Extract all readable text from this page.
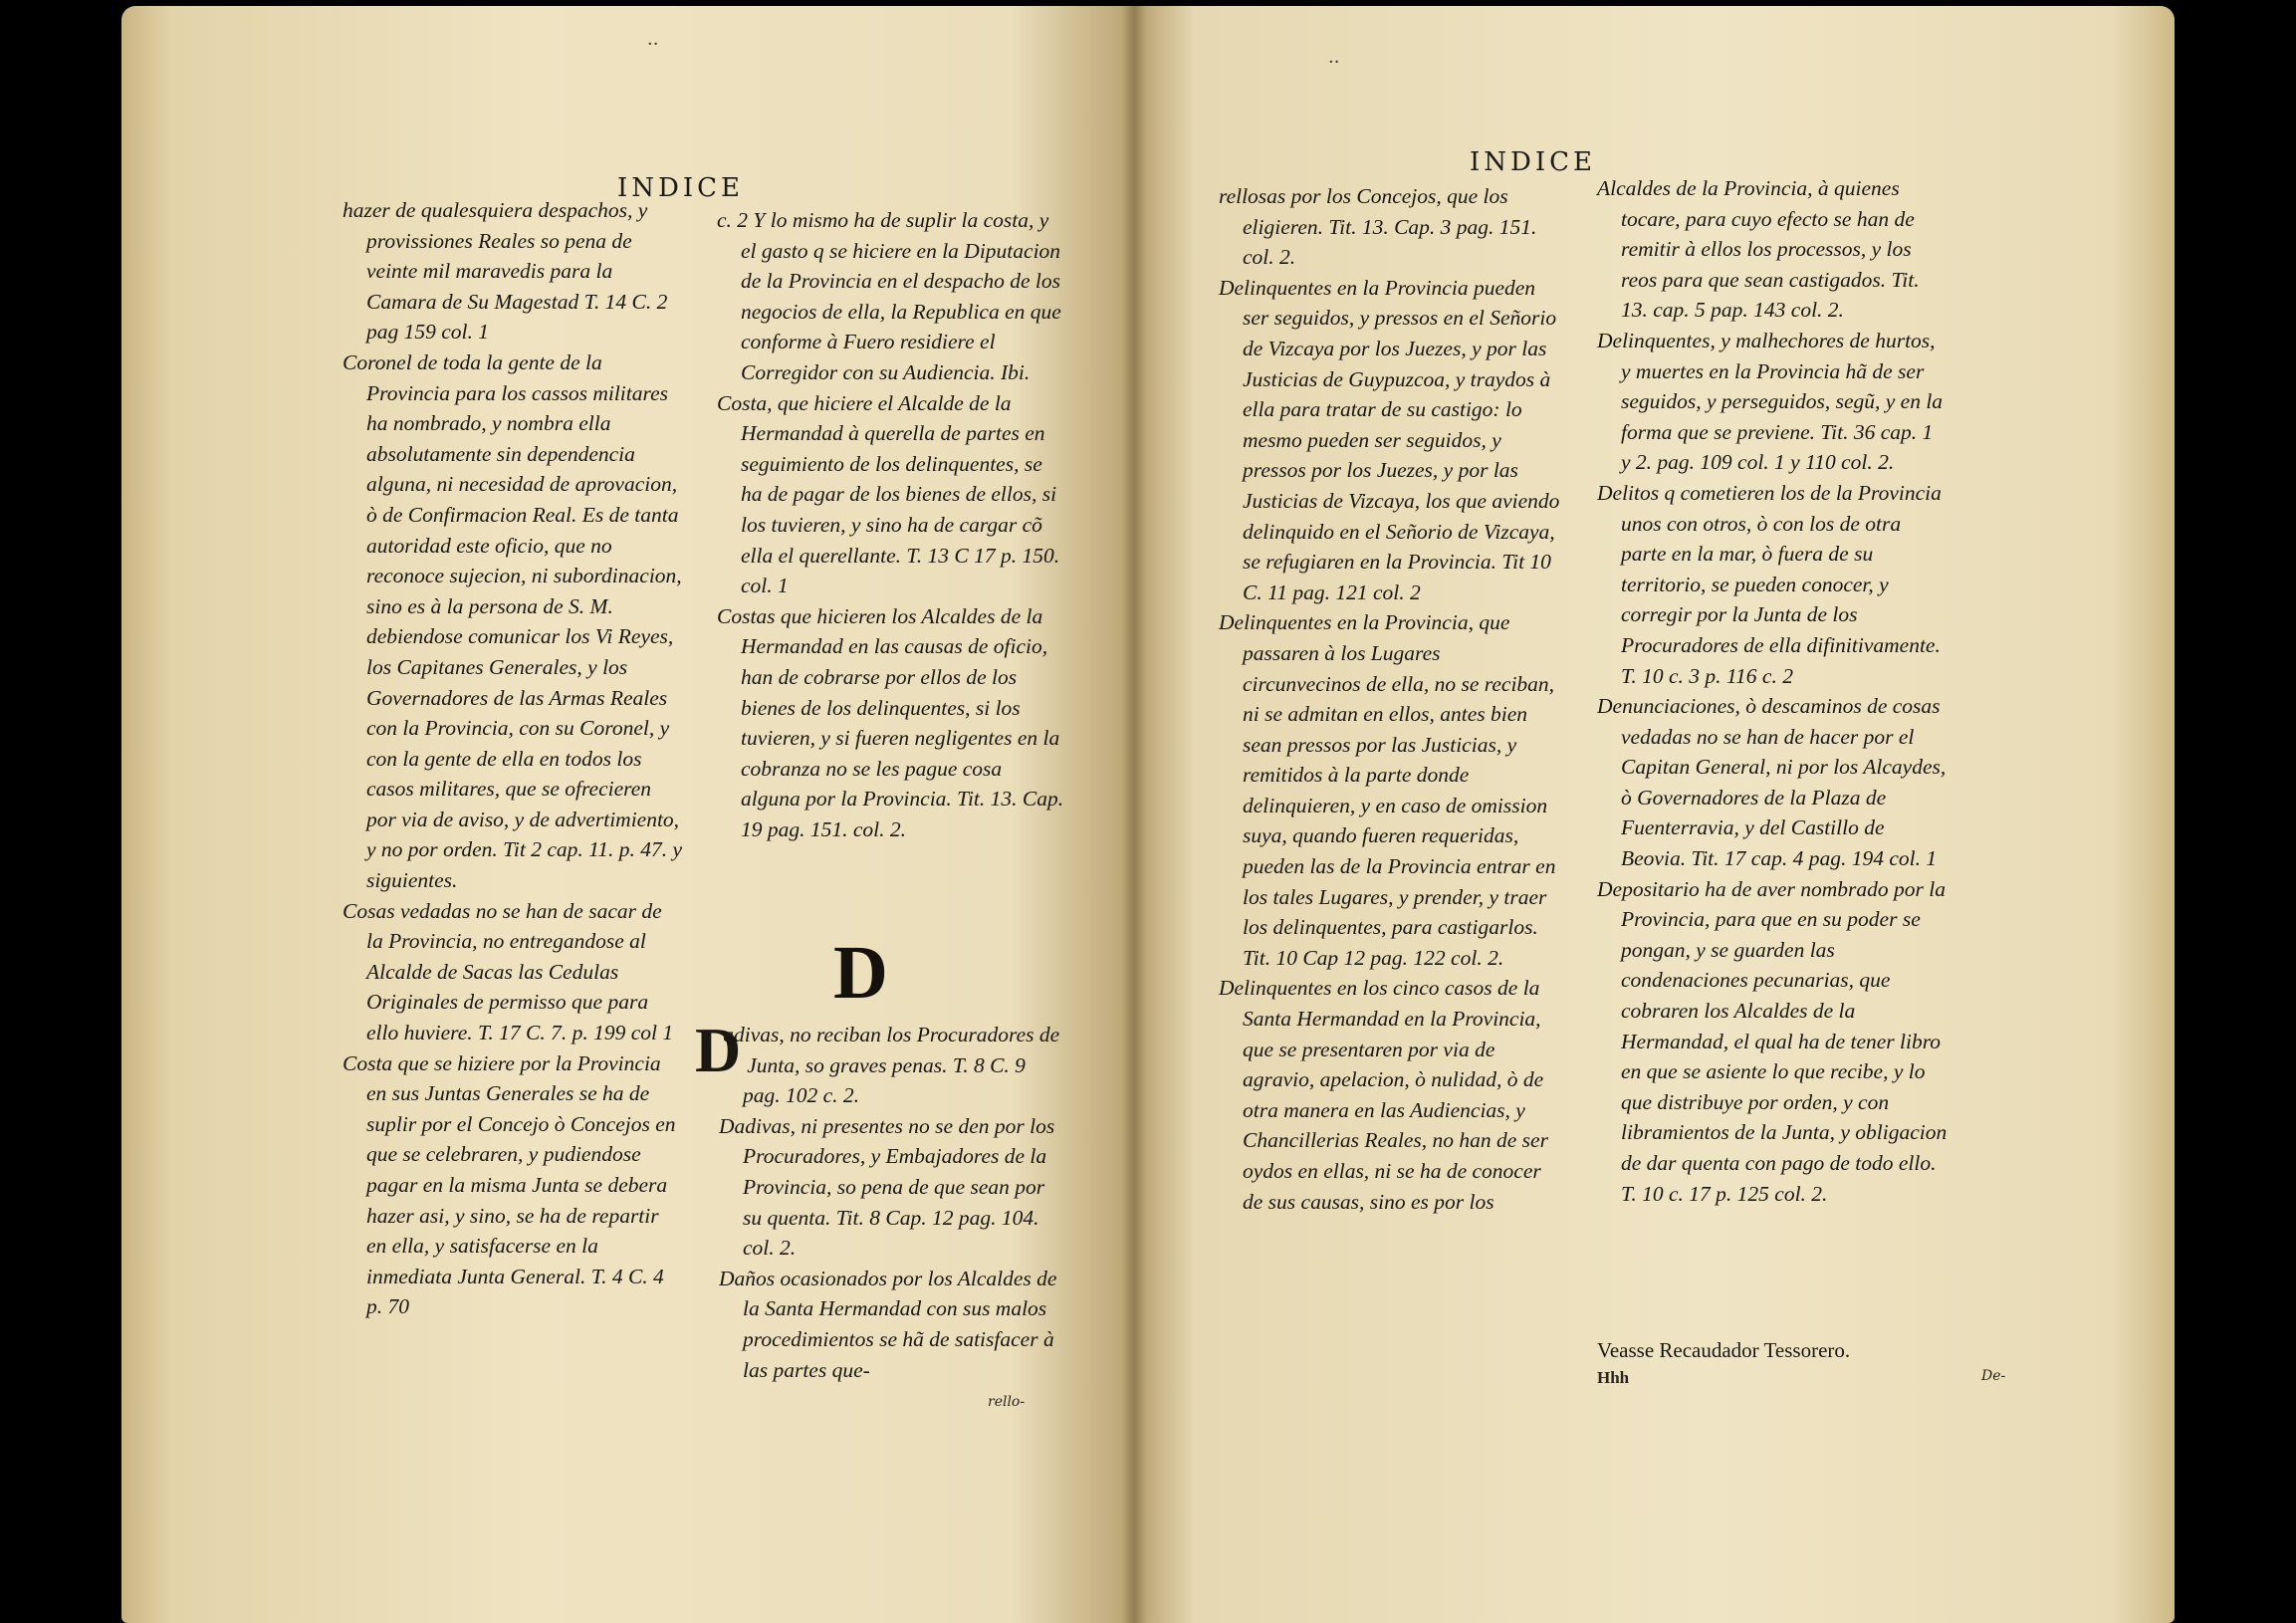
··
INDICE

hazer de qualesquiera despachos, y provissiones Reales so pena de veinte mil maravedis para la Camara de Su Magestad T. 14 C. 2 pag 159 col. 1

Coronel de toda la gente de la Provincia para los cassos militares ha nombrado, y nombra ella absolutamente sin dependencia alguna, ni necesidad de aprovacion, ò de Confirmacion Real. Es de tanta autoridad este oficio, que no reconoce sujecion, ni subordinacion, sino es à la persona de S. M. debiendose comunicar los Vi Reyes, los Capitanes Generales, y los Governadores de las Armas Reales con la Provincia, con su Coronel, y con la gente de ella en todos los casos militares, que se ofrecieren por via de aviso, y de advertimiento, y no por orden. Tit 2 cap. 11. p. 47. y siguientes.

Cosas vedadas no se han de sacar de la Provincia, no entregandose al Alcalde de Sacas las Cedulas Originales de permisso que para ello huviere. T. 17 C. 7. p. 199 col 1

Costa que se hiziere por la Provincia en sus Juntas Generales se ha de suplir por el Concejo ò Concejos en que se celebraren, y pudiendose pagar en la misma Junta se debera hazer asi, y sino, se ha de repartir en ella, y satisfacerse en la inmediata Junta General. T. 4 C. 4 p. 70

c. 2 Y lo mismo ha de suplir la costa, y el gasto q se hiciere en la Diputacion de la Provincia en el despacho de los negocios de ella, la Republica en que conforme à Fuero residiere el Corregidor con su Audiencia. Ibi.

Costa, que hiciere el Alcalde de la Hermandad à querella de partes en seguimiento de los delinquentes, se ha de pagar de los bienes de ellos, si los tuvieren, y sino ha de cargar cõ ella el querellante. T. 13 C 17 p. 150. col. 1

Costas que hicieren los Alcaldes de la Hermandad en las causas de oficio, han de cobrarse por ellos de los bienes de los delinquentes, si los tuvieren, y si fueren negligentes en la cobranza no se les pague cosa alguna por la Provincia. Tit. 13. Cap. 19 pag. 151. col. 2.

D

D
adivas, no reciban los Procuradores de Junta, so graves penas. T. 8 C. 9 pag. 102 c. 2.

Dadivas, ni presentes no se den por los Procuradores, y Embajadores de la Provincia, so pena de que sean por su quenta. Tit. 8 Cap. 12 pag. 104. col. 2.

Daños ocasionados por los Alcaldes de la Santa Hermandad con sus malos procedimientos se hã de satisfacer à las partes que-

rello-
··
INDICE

rellosas por los Concejos, que los eligieren. Tit. 13. Cap. 3 pag. 151. col. 2.

Delinquentes en la Provincia pueden ser seguidos, y pressos en el Señorio de Vizcaya por los Juezes, y por las Justicias de Guypuzcoa, y traydos à ella para tratar de su castigo: lo mesmo pueden ser seguidos, y pressos por los Juezes, y por las Justicias de Vizcaya, los que aviendo delinquido en el Señorio de Vizcaya, se refugiaren en la Provincia. Tit 10 C. 11 pag. 121 col. 2

Delinquentes en la Provincia, que passaren à los Lugares circunvecinos de ella, no se reciban, ni se admitan en ellos, antes bien sean pressos por las Justicias, y remitidos à la parte donde delinquieren, y en caso de omission suya, quando fueren requeridas, pueden las de la Provincia entrar en los tales Lugares, y prender, y traer los delinquentes, para castigarlos. Tit. 10 Cap 12 pag. 122 col. 2.

Delinquentes en los cinco casos de la Santa Hermandad en la Provincia, que se presentaren por via de agravio, apelacion, ò nulidad, ò de otra manera en las Audiencias, y Chancillerias Reales, no han de ser oydos en ellas, ni se ha de conocer de sus causas, sino es por los

Alcaldes de la Provincia, à quienes tocare, para cuyo efecto se han de remitir à ellos los processos, y los reos para que sean castigados. Tit. 13. cap. 5 pap. 143 col. 2.

Delinquentes, y malhechores de hurtos, y muertes en la Provincia hã de ser seguidos, y perseguidos, segũ, y en la forma que se previene. Tit. 36 cap. 1 y 2. pag. 109 col. 1 y 110 col. 2.

Delitos q cometieren los de la Provincia unos con otros, ò con los de otra parte en la mar, ò fuera de su territorio, se pueden conocer, y corregir por la Junta de los Procuradores de ella difinitivamente. T. 10 c. 3 p. 116 c. 2

Denunciaciones, ò descaminos de cosas vedadas no se han de hacer por el Capitan General, ni por los Alcaydes, ò Governadores de la Plaza de Fuenterravia, y del Castillo de Beovia. Tit. 17 cap. 4 pag. 194 col. 1

Depositario ha de aver nombrado por la Provincia, para que en su poder se pongan, y se guarden las condenaciones pecunarias, que cobraren los Alcaldes de la Hermandad, el qual ha de tener libro en que se asiente lo que recibe, y lo que distribuye por orden, y con libramientos de la Junta, y obligacion de dar quenta con pago de todo ello. T. 10 c. 17 p. 125 col. 2.

Veasse Recaudador Tessorero.
Hhh	De-
